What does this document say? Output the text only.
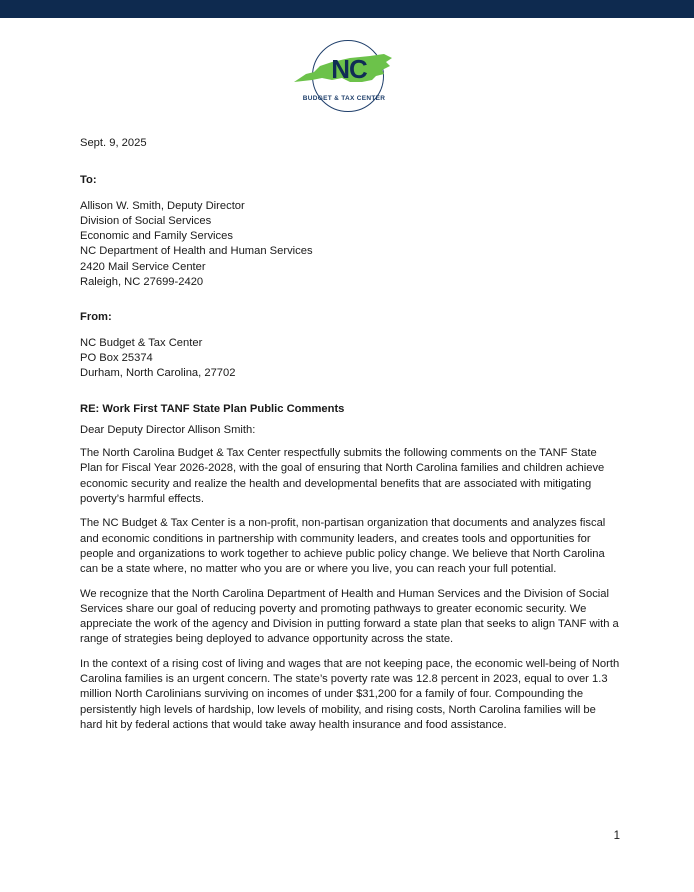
NC
BUDGET & TAX CENTER

Sept. 9, 2025

To:

Allison W. Smith, Deputy Director
Division of Social Services
Economic and Family Services
NC Department of Health and Human Services
2420 Mail Service Center
Raleigh, NC 27699-2420

From:

NC Budget & Tax Center
PO Box 25374
Durham, North Carolina, 27702

RE: Work First TANF State Plan Public Comments

Dear Deputy Director Allison Smith:

The North Carolina Budget & Tax Center respectfully submits the following comments on the TANF State Plan for Fiscal Year 2026-2028, with the goal of ensuring that North Carolina families and children achieve economic security and realize the health and developmental benefits that are associated with mitigating poverty’s harmful effects.

The NC Budget & Tax Center is a non-profit, non-partisan organization that documents and analyzes fiscal and economic conditions in partnership with community leaders, and creates tools and opportunities for people and organizations to work together to achieve public policy change. We believe that North Carolina can be a state where, no matter who you are or where you live, you can reach your full potential.

We recognize that the North Carolina Department of Health and Human Services and the Division of Social Services share our goal of reducing poverty and promoting pathways to greater economic security. We appreciate the work of the agency and Division in putting forward a state plan that seeks to align TANF with a range of strategies being deployed to advance opportunity across the state.

In the context of a rising cost of living and wages that are not keeping pace, the economic well-being of North Carolina families is an urgent concern. The state’s poverty rate was 12.8 percent in 2023, equal to over 1.3 million North Carolinians surviving on incomes of under $31,200 for a family of four. Compounding the persistently high levels of hardship, low levels of mobility, and rising costs, North Carolina families will be hard hit by federal actions that would take away health insurance and food assistance.

1
